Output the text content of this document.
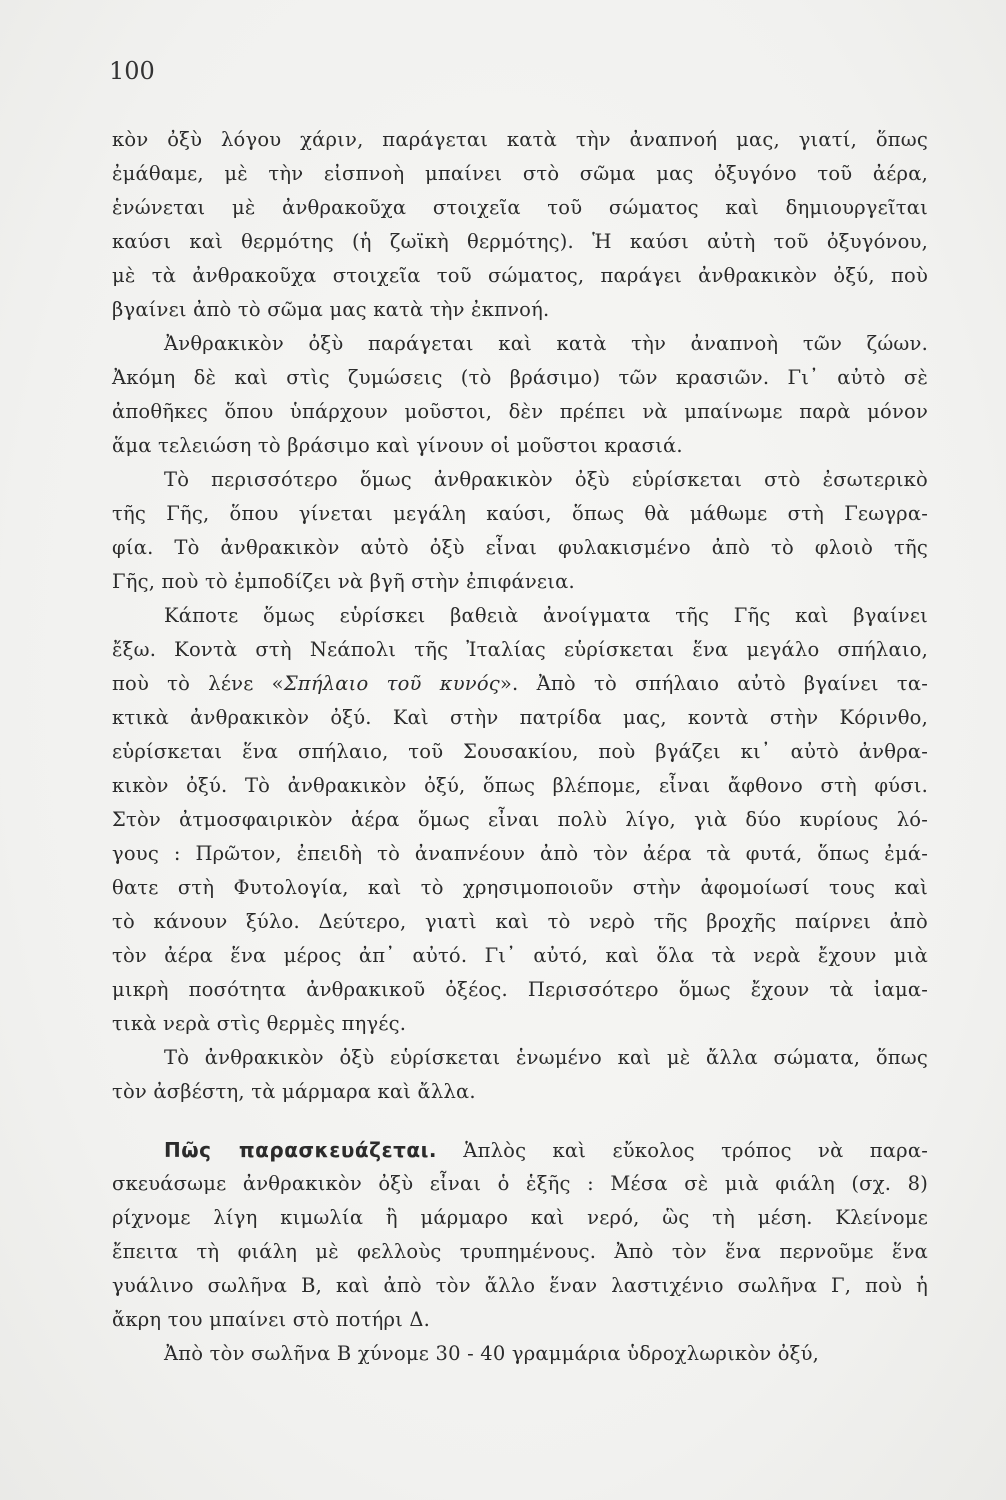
100
κὸν ὀξὺ λόγου χάριν, παράγεται κατὰ τὴν ἀναπνοή μας, γιατί, ὅπως
ἐμάθαμε, μὲ τὴν εἰσπνοὴ μπαίνει στὸ σῶμα μας ὀξυγόνο τοῦ ἀέρα,
ἑνώνεται μὲ ἀνθρακοῦχα στοιχεῖα τοῦ σώματος καὶ δημιουργεῖται
καύσι καὶ θερμότης (ἡ ζωϊκὴ θερμότης). Ἡ καύσι αὐτὴ τοῦ ὀξυγόνου,
μὲ τὰ ἀνθρακοῦχα στοιχεῖα τοῦ σώματος, παράγει ἀνθρακικὸν ὀξύ, ποὺ
βγαίνει ἀπὸ τὸ σῶμα μας κατὰ τὴν ἐκπνοή.
Ἀνθρακικὸν ὀξὺ παράγεται καὶ κατὰ τὴν ἀναπνοὴ τῶν ζώων.
Ἀκόμη δὲ καὶ στὶς ζυμώσεις (τὸ βράσιμο) τῶν κρασιῶν. Γι᾽ αὐτὸ σὲ
ἀποθῆκες ὅπου ὑπάρχουν μοῦστοι, δὲν πρέπει νὰ μπαίνωμε παρὰ μόνον
ἅμα τελειώση τὸ βράσιμο καὶ γίνουν οἱ μοῦστοι κρασιά.
Τὸ περισσότερο ὅμως ἀνθρακικὸν ὀξὺ εὑρίσκεται στὸ ἐσωτερικὸ
τῆς Γῆς, ὅπου γίνεται μεγάλη καύσι, ὅπως θὰ μάθωμε στὴ Γεωγρα-
φία. Τὸ ἀνθρακικὸν αὐτὸ ὀξὺ εἶναι φυλακισμένο ἀπὸ τὸ φλοιὸ τῆς
Γῆς, ποὺ τὸ ἐμποδίζει νὰ βγῆ στὴν ἐπιφάνεια.
Κάποτε ὅμως εὑρίσκει βαθειὰ ἀνοίγματα τῆς Γῆς καὶ βγαίνει
ἔξω. Κοντὰ στὴ Νεάπολι τῆς Ἰταλίας εὑρίσκεται ἕνα μεγάλο σπήλαιο,
ποὺ τὸ λένε «Σπήλαιο τοῦ κυνός». Ἀπὸ τὸ σπήλαιο αὐτὸ βγαίνει τα-
κτικὰ ἀνθρακικὸν ὀξύ. Καὶ στὴν πατρίδα μας, κοντὰ στὴν Κόρινθο,
εὑρίσκεται ἕνα σπήλαιο, τοῦ Σουσακίου, ποὺ βγάζει κι᾽ αὐτὸ ἀνθρα-
κικὸν ὀξύ. Τὸ ἀνθρακικὸν ὀξύ, ὅπως βλέπομε, εἶναι ἄφθονο στὴ φύσι.
Στὸν ἀτμοσφαιρικὸν ἀέρα ὅμως εἶναι πολὺ λίγο, γιὰ δύο κυρίους λό-
γους : Πρῶτον, ἐπειδὴ τὸ ἀναπνέουν ἀπὸ τὸν ἀέρα τὰ φυτά, ὅπως ἐμά-
θατε στὴ Φυτολογία, καὶ τὸ χρησιμοποιοῦν στὴν ἀφομοίωσί τους καὶ
τὸ κάνουν ξύλο. Δεύτερο, γιατὶ καὶ τὸ νερὸ τῆς βροχῆς παίρνει ἀπὸ
τὸν ἀέρα ἕνα μέρος ἀπ᾽ αὐτό. Γι᾽ αὐτό, καὶ ὅλα τὰ νερὰ ἔχουν μιὰ
μικρὴ ποσότητα ἀνθρακικοῦ ὀξέος. Περισσότερο ὅμως ἔχουν τὰ ἰαμα-
τικὰ νερὰ στὶς θερμὲς πηγές.
Τὸ ἀνθρακικὸν ὀξὺ εὑρίσκεται ἑνωμένο καὶ μὲ ἄλλα σώματα, ὅπως
τὸν ἀσβέστη, τὰ μάρμαρα καὶ ἄλλα.
Πῶς παρασκευάζεται. Ἁπλὸς καὶ εὔκολος τρόπος νὰ παρα-
σκευάσωμε ἀνθρακικὸν ὀξὺ εἶναι ὁ ἑξῆς : Μέσα σὲ μιὰ φιάλη (σχ. 8)
ρίχνομε λίγη κιμωλία ἢ μάρμαρο καὶ νερό, ὣς τὴ μέση. Κλείνομε
ἔπειτα τὴ φιάλη μὲ φελλοὺς τρυπημένους. Ἀπὸ τὸν ἕνα περνοῦμε ἕνα
γυάλινο σωλῆνα Β, καὶ ἀπὸ τὸν ἄλλο ἕναν λαστιχένιο σωλῆνα Γ, ποὺ ἡ
ἄκρη του μπαίνει στὸ ποτήρι Δ.
Ἀπὸ τὸν σωλῆνα Β χύνομε 30 - 40 γραμμάρια ὑδροχλωρικὸν ὀξύ,
